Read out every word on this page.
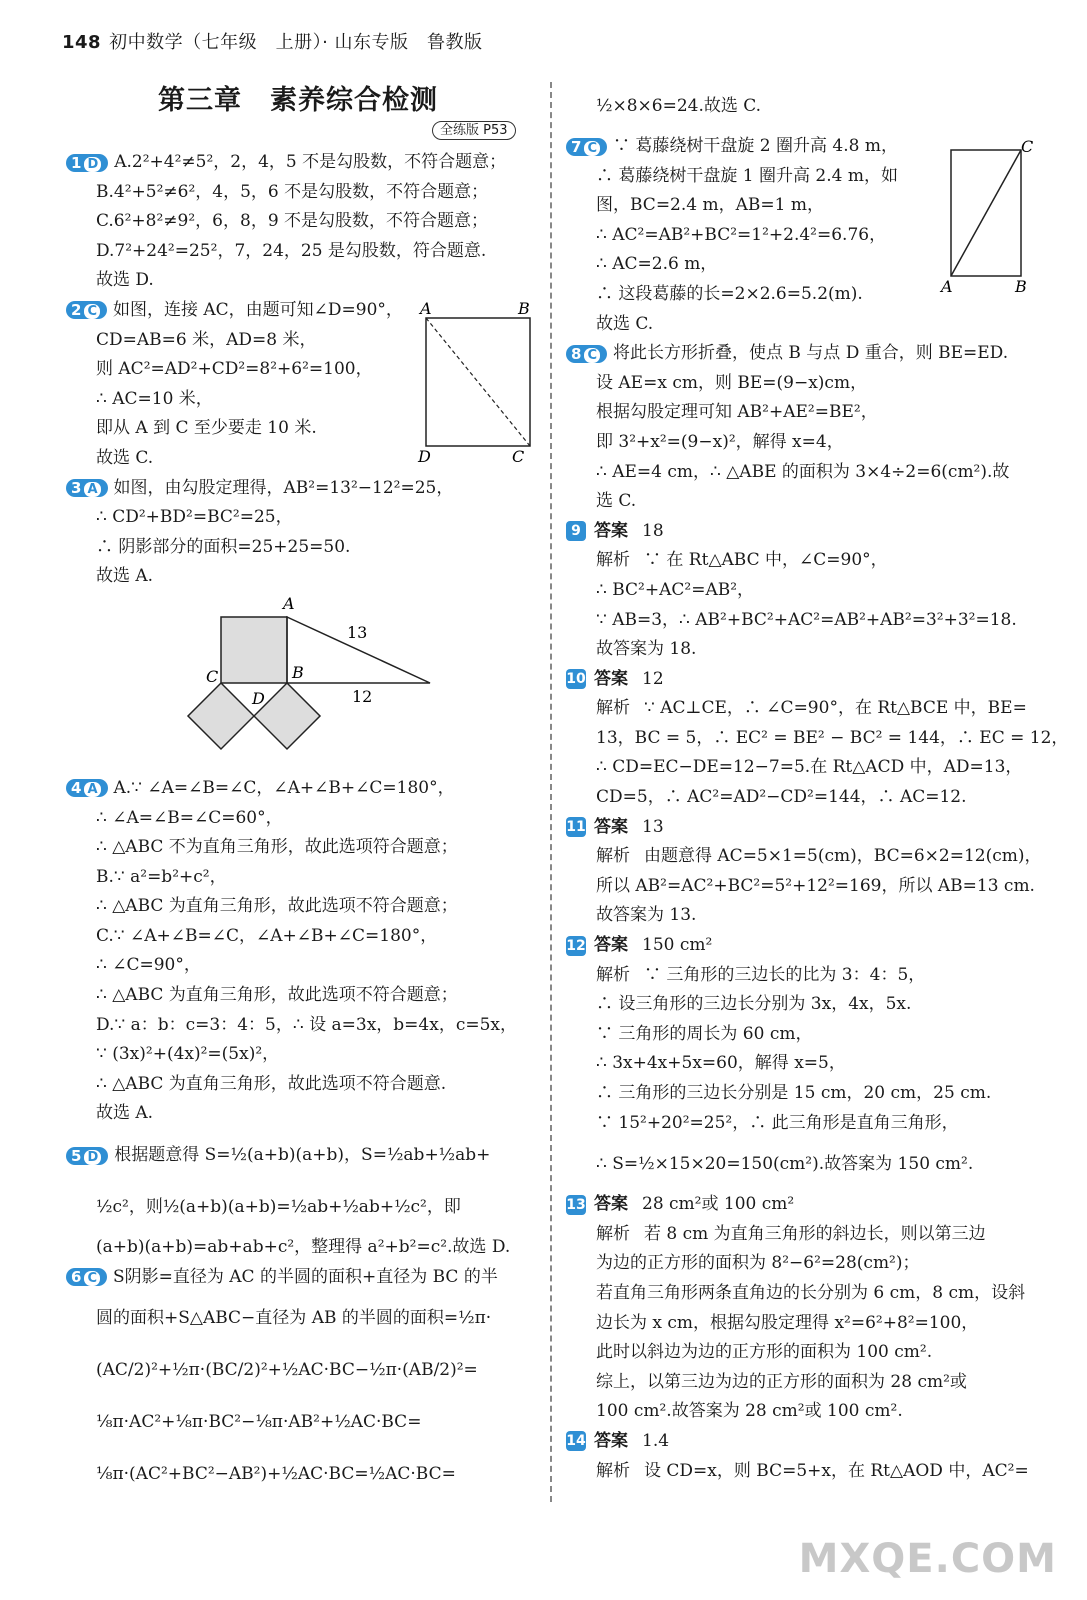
148 初中数学（七年级　上册）· 山东专版　鲁教版
第三章　素养综合检测
全练版 P53
1 D A.2²+4²≠5²，2，4，5 不是勾股数，不符合题意；
B.4²+5²≠6²，4，5，6 不是勾股数，不符合题意；
C.6²+8²≠9²，6，8，9 不是勾股数，不符合题意；
D.7²+24²=25²，7，24，25 是勾股数，符合题意.
故选 D.
2 C 如图，连接 AC，由题可知∠D=90°，
CD=AB=6 米，AD=8 米，
则 AC²=AD²+CD²=8²+6²=100，
∴ AC=10 米，
即从 A 到 C 至少要走 10 米.
故选 C.
3 A 如图，由勾股定理得，AB²=13²−12²=25，
∴ CD²+BD²=BC²=25，
∴ 阴影部分的面积=25+25=50.
故选 A.
4 A A.∵ ∠A=∠B=∠C，∠A+∠B+∠C=180°，
∴ ∠A=∠B=∠C=60°，
∴ △ABC 不为直角三角形，故此选项符合题意；
B.∵ a²=b²+c²，
∴ △ABC 为直角三角形，故此选项不符合题意；
C.∵ ∠A+∠B=∠C，∠A+∠B+∠C=180°，
∴ ∠C=90°，
∴ △ABC 为直角三角形，故此选项不符合题意；
D.∵ a：b：c=3：4：5，∴ 设 a=3x，b=4x，c=5x，
∵ (3x)²+(4x)²=(5x)²，
∴ △ABC 为直角三角形，故此选项不符合题意.
故选 A.
5 D 根据题意得 S=½(a+b)(a+b)，S=½ab+½ab+
½c²，则½(a+b)(a+b)=½ab+½ab+½c²，即
(a+b)(a+b)=ab+ab+c²，整理得 a²+b²=c².故选 D.
6 C S阴影=直径为 AC 的半圆的面积+直径为 BC 的半
圆的面积+S△ABC−直径为 AB 的半圆的面积=½π·
(AC/2)²+½π·(BC/2)²+½AC·BC−½π·(AB/2)²=
⅛π·AC²+⅛π·BC²−⅛π·AB²+½AC·BC=
⅛π·(AC²+BC²−AB²)+½AC·BC=½AC·BC=
A	B
D	C
A
C	B
D
13
12
½×8×6=24.故选 C.
7 C ∵ 葛藤绕树干盘旋 2 圈升高 4.8 m，
∴ 葛藤绕树干盘旋 1 圈升高 2.4 m，如
图，BC=2.4 m，AB=1 m，
∴ AC²=AB²+BC²=1²+2.4²=6.76，
∴ AC=2.6 m，
∴ 这段葛藤的长=2×2.6=5.2(m).
故选 C.
8 C 将此长方形折叠，使点 B 与点 D 重合，则 BE=ED.
设 AE=x cm，则 BE=(9−x)cm，
根据勾股定理可知 AB²+AE²=BE²，
即 3²+x²=(9−x)²，解得 x=4，
∴ AE=4 cm，∴ △ABE 的面积为 3×4÷2=6(cm²).故
选 C.
9 答案 18
解析 ∵ 在 Rt△ABC 中，∠C=90°，
∴ BC²+AC²=AB²，
∵ AB=3，∴ AB²+BC²+AC²=AB²+AB²=3²+3²=18.
故答案为 18.
10 答案 12
解析 ∵ AC⊥CE，∴ ∠C=90°，在 Rt△BCE 中，BE=
13，BC = 5，∴ EC² = BE² − BC² = 144，∴ EC = 12，
∴ CD=EC−DE=12−7=5.在 Rt△ACD 中，AD=13，
CD=5，∴ AC²=AD²−CD²=144，∴ AC=12.
11 答案 13
解析 由题意得 AC=5×1=5(cm)，BC=6×2=12(cm)，
所以 AB²=AC²+BC²=5²+12²=169，所以 AB=13 cm.
故答案为 13.
12 答案 150 cm²
解析 ∵ 三角形的三边长的比为 3：4：5，
∴ 设三角形的三边长分别为 3x，4x，5x.
∵ 三角形的周长为 60 cm，
∴ 3x+4x+5x=60，解得 x=5，
∴ 三角形的三边长分别是 15 cm，20 cm，25 cm.
∵ 15²+20²=25²，∴ 此三角形是直角三角形，
∴ S=½×15×20=150(cm²).故答案为 150 cm².
13 答案 28 cm²或 100 cm²
解析 若 8 cm 为直角三角形的斜边长，则以第三边
为边的正方形的面积为 8²−6²=28(cm²)；
若直角三角形两条直角边的长分别为 6 cm，8 cm，设斜
边长为 x cm，根据勾股定理得 x²=6²+8²=100，
此时以斜边为边的正方形的面积为 100 cm².
综上，以第三边为边的正方形的面积为 28 cm²或
100 cm².故答案为 28 cm²或 100 cm².
14 答案 1.4
解析 设 CD=x，则 BC=5+x，在 Rt△AOD 中，AC²=
C
A	B
MXQE.COM
